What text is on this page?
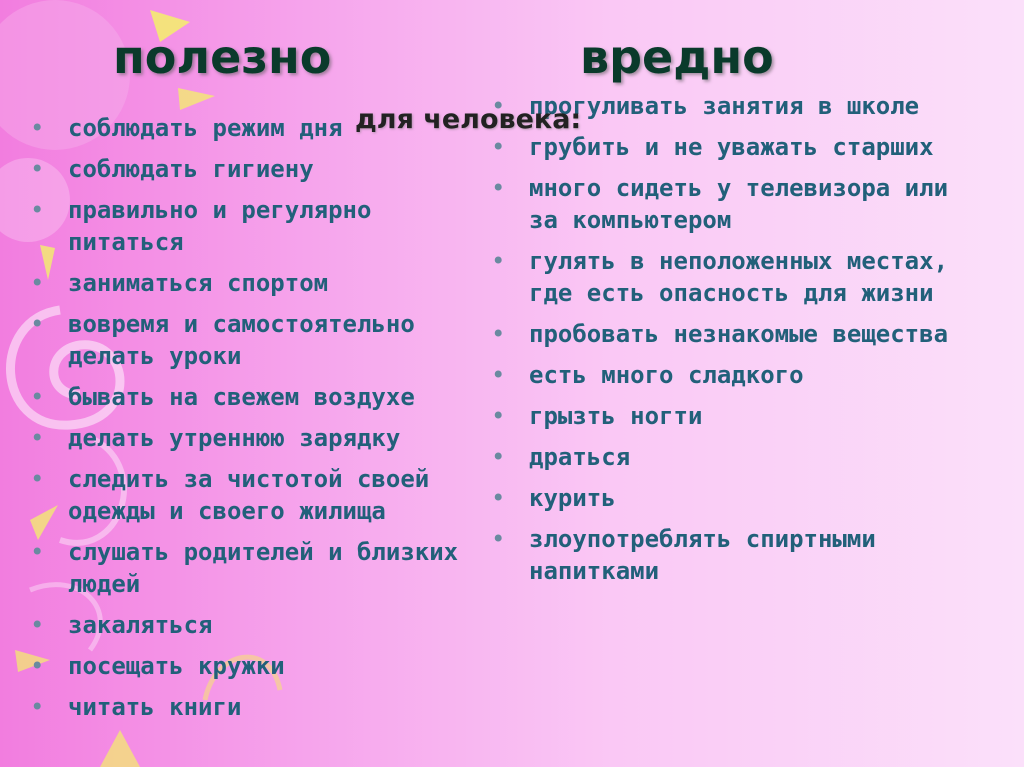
полезно	вредно

для человека:

• соблюдать режим дня
• соблюдать гигиену
• правильно и регулярно питаться
• заниматься спортом
• вовремя и самостоятельно делать уроки
• бывать на свежем воздухе
• делать утреннюю зарядку
• следить за чистотой своей одежды и своего жилища
• слушать родителей и близких людей
• закаляться
• посещать кружки
• читать книги
• прогуливать занятия в школе
• грубить и не уважать старших
• много сидеть у телевизора или за компьютером
• гулять в неположенных местах, где есть опасность для жизни
• пробовать незнакомые вещества
• есть много сладкого
• грызть ногти
• драться
• курить
• злоупотреблять спиртными напитками
